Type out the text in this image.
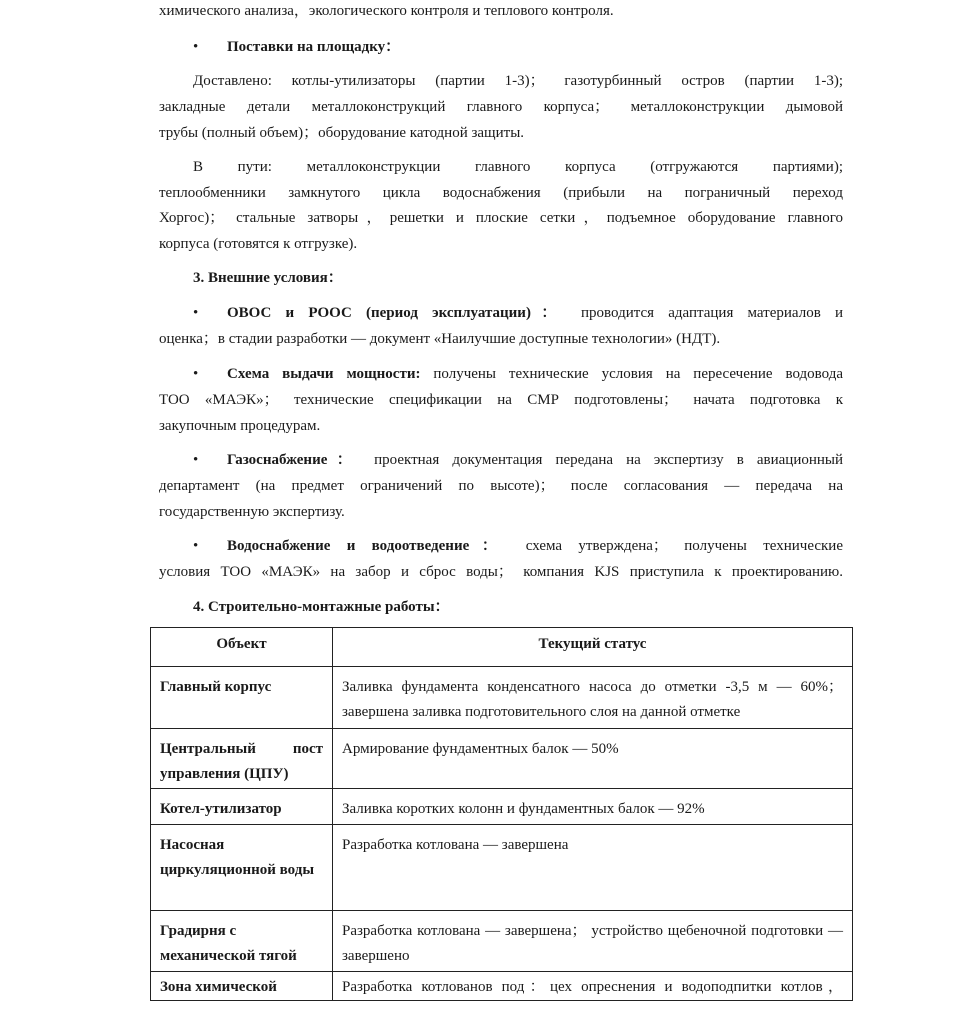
химического анализа，экологического контроля и теплового контроля.
• Поставки на площадку：
Доставлено: котлы-утилизаторы (партии 1-3)； газотурбинный остров (партии 1-3);
закладные детали металлоконструкций главного корпуса； металлоконструкции дымовой
трубы (полный объем)；оборудование катодной защиты.
В пути: металлоконструкции главного корпуса (отгружаются партиями);
теплообменники замкнутого цикла водоснабжения (прибыли на пограничный переход
Хоргос)； стальные затворы，решетки и плоские сетки，подъемное оборудование главного
корпуса (готовятся к отгрузке).
3. Внешние условия：
• ОВОС и РООС (период эксплуатации)： проводится адаптация материалов и
оценка；в стадии разработки — документ «Наилучшие доступные технологии» (НДТ).
• Схема выдачи мощности: получены технические условия на пересечение водовода
ТОО «МАЭК»； технические спецификации на СМР подготовлены； начата подготовка к
закупочным процедурам.
• Газоснабжение： проектная документация передана на экспертизу в авиационный
департамент (на предмет ограничений по высоте)； после согласования — передача на
государственную экспертизу.
• Водоснабжение и водоотведение： схема утверждена； получены технические
условия ТОО «МАЭК» на забор и сброс воды； компания KJS приступила к проектированию.
4. Строительно-монтажные работы：
Объект	Текущий статус
Главный корпус	Заливка фундамента конденсатного насоса до отметки -3,5 м — 60%；завершена заливка подготовительного слоя на данной отметке
Центральный пост управления (ЦПУ)	Армирование фундаментных балок — 50%
Котел-утилизатор	Заливка коротких колонн и фундаментных балок — 92%
Насосная циркуляционной воды	Разработка котлована — завершена
Градирня с механической тягой	Разработка котлована — завершена； устройство щебеночной подготовки — завершено
Зона химической	Разработка котлованов под：цех опреснения и водоподпитки котлов，
